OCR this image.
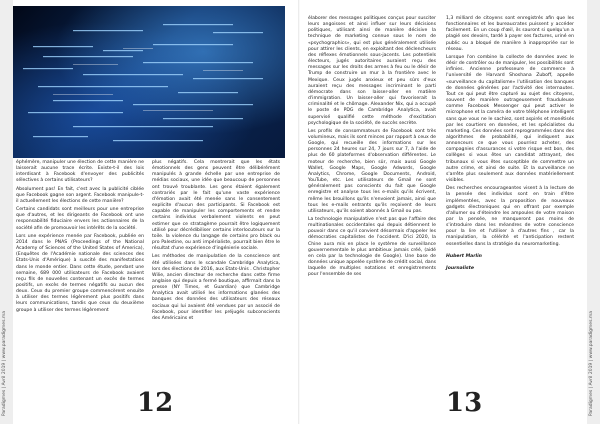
Paradigmes | Avril 2019 | www.paradigmes.ma

éphémère, manipuler une élection de cette manière ne laisserait aucune trace écrite. Existe-t-il des lois interdisant à Facebook d'envoyer des publicités sélectives à certains utilisateurs?

Absolument pas! En fait, c'est avec la publicité ciblée que Facebook gagne son argent. Facebook manipule-t-il actuellement les élections de cette manière?

Certains candidats sont meilleurs pour une entreprise que d'autres, et les dirigeants de Facebook ont une responsabilité fiduciaire envers les actionnaires de la société afin de promouvoir les intérêts de la société.

Lors une expérience menée par Facebook, publiée en 2014 dans le PNAS (Proceedings of the National Academy of Sciences of the United States of America), (Enquêtes de l'Académie nationale des sciences des Etats-Unis d'Amérique) à suscité des manifestations dans le monde entier. Dans cette étude, pendant une semaine, 689 000 utilisateurs de Facebook avaient reçu fils de nouvelles contenant un excès de termes positifs, un excès de termes négatifs ou aucun des deux. Ceux du premier groupe commencèrent ensuite à utiliser des termes légèrement plus positifs dans leurs communications, tandis que ceux du deuxième groupe à utiliser des termes légèrement

plus négatifs. Cela montrerait que les états émotionnels des gens peuvent être délibérément manipulés à grande échelle par une entreprise de médias sociaux, une idée que beaucoup de personnes ont trouvé troublante. Les gens étaient également contrariés par le fait qu'une vaste expérience d'émotion avait été menée sans le consentement explicite d'aucun des participants. Si Facebook est capable de manipuler les comportements et rendre certains individus verbalement violents en peut estimer que ce stratagème pourrait être logiquement utilisé pour décrédibiliser certains interlocuteurs sur la toile. la violence du langage de certains pro black ou pro Palestine, ou anti impérialiste, pourrait bien être le résultat d'une expérience d'ingénierie sociale.

Les méthodes de manipulation de la conscience ont été utilisées dans le scandale Cambridge Analytica, lors des élections de 2016, aux Etats-Unis . Christopher Wilie, ancien directeur de recherche dans cette firme anglaise qui depuis a fermé boutique, affirmait dans la presse (NY Times, et Guardian) que Cambridge Analytica avait utilisé les informations glanées des banques des données des utilisateurs des réseaux sociaux qui lui avaient été vendues par un associé de Facebook, pour identifier les préjugés subconscients des Américains et

12

élaborer des messages politiques conçus pour susciter leurs angoisses et ainsi influer sur leurs décisions politiques, utilisant ainsi de manière décisive la technique de marketing connue sous le nom de «psychographics», qui est plus généralement utilisée pour attirer les clients, en exploitant des déclencheurs des réflexes émotionnels sous-jacents. Les potentiels électeurs, jugés autoritaires auraient reçu des messages sur les droits des armes à feu ou le désir de Trump de construire un mur à la frontière avec le Mexique. Ceux jugés anxieux et peu sûrs d'eux auraient reçu des messages incriminant le parti démocrate dans son laisser-aller en matière d'immigration. Un laisser-aller qui favoriserait la criminalité et le chômage. Alexander Nix, qui a occupé le poste de PDG de Cambridge Analytica, avait supervisé qualifié cette méthode d'excitation psychologique de la société, de succès secrète.

Les profils de consommateurs de Facebook sont très volumineux, mais ils sont minces par rapport à ceux de Google, qui recueille des informations sur les personnes 24 heures sur 24, 7 jours sur 7, à l'aide de plus de 60 plateformes d'observation différentes. Le moteur de recherche, bien sûr, mais aussi Google Wallet, Google Maps, Google Adwords, Google Analytics, Chrome, Google Documents, Android, YouTube, etc. Les utilisateurs de Gmail ne sont généralement pas conscients du fait que Google enregistre et analyse tous les e-mails qu'ils écrivent, même les brouillons qu'ils n'envoient jamais, ainsi que tous les e-mails entrants qu'ils reçoivent de leurs utilisateurs, qu'ils soient abonnés à Gmail ou pas.

La technologie manipulative n'est pas que l'affaire des multinationales occidentales qui depuis détiennent le pouvoir dans ce qu'il convient désormais d'appeler les démocraties capitalistes de l'occident. D'ici 2020, la Chine aura mis en place le système de surveillance gouvernementale le plus ambitieux jamais créé, (aidé en cela par la technologie de Google). Une base de données unique appelée système de crédit social, dans laquelle de multiples notations et enregistrements pour l'ensemble de ses

1,3 milliard de citoyens sont enregistrés afin que les fonctionnaires et les bureaucrates puissent y accéder facilement. En un coup d'œil, ils sauront si quelqu'un a plagié ses devoirs, tardé à payer ses factures, uriné en public ou a bloqué de manière à inappropriée sur le réseau.

Lorsque l'on combine la collecte de données avec le désir de contrôler ou de manipuler, les possibilités sont infinies. Ancienne professeure de commerce à l'université de Harvard Shoshana Zuboff, appelle «surveillance du capitalisme» l'utilisation des banques de données générées par l'activité des internautes. Tout ce qui peut être capturé au sujet des citoyens, souvent de manière outrageusement frauduleuse comme Facebook Messenger qui peut activer le microphone et la caméra de votre téléphone intelligent sans que vous ne le sachiez, sont aspirés et monétisés par les courtiers en données, et les spécialistes du marketing. Ces données sont reprogrammées dans des algorithmes de probabilité, qui indiquent aux annonceurs ce que vous pourriez acheter, des compagnies d'assurances si votre risque est bon, des collèges si vous êtes un candidat attrayant, des tribunaux si vous êtes susceptible de commettre un autre crime, et ainsi de suite. Et la surveillance ne s'arrête plus seulement aux données matériellement visibles.

Des recherches encourageantes visent à la lecture de la pensée des individus sont en train d'être implémentées, avec la proposition de nouveaux gadgets électroniques qui en offrant par exemple d'allumer ou d'éteindre les ampoules de votre maison par la pensée, ne manqueront pas moins de s'introduire dans les méandres de votre conscience pour la lire et l'utiliser à d'autres fins , car la manipulation, la célérité et l'anticipation restent essentielles dans la stratégie du neuromarketing.

Hubert Marlin
Journaliste
13	Paradigmes | Avril 2019 | www.paradigmes.ma
